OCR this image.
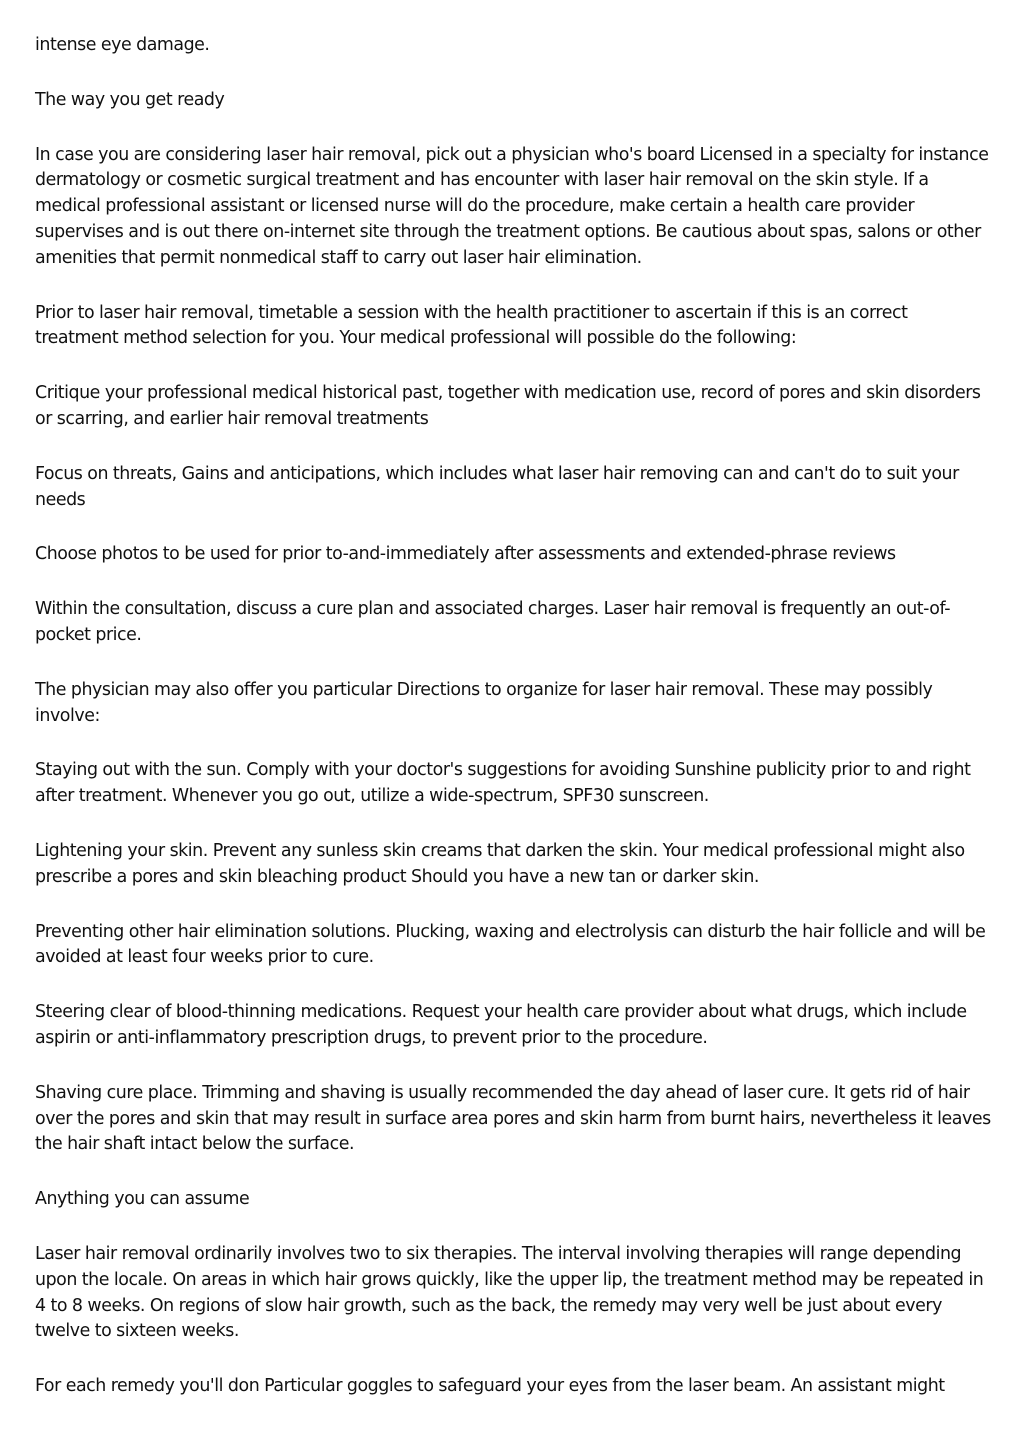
intense eye damage.

The way you get ready

In case you are considering laser hair removal, pick out a physician who's board Licensed in a specialty for instance dermatology or cosmetic surgical treatment and has encounter with laser hair removal on the skin style. If a medical professional assistant or licensed nurse will do the procedure, make certain a health care provider supervises and is out there on-internet site through the treatment options. Be cautious about spas, salons or other amenities that permit nonmedical staff to carry out laser hair elimination.

Prior to laser hair removal, timetable a session with the health practitioner to ascertain if this is an correct treatment method selection for you. Your medical professional will possible do the following:

Critique your professional medical historical past, together with medication use, record of pores and skin disorders or scarring, and earlier hair removal treatments

Focus on threats, Gains and anticipations, which includes what laser hair removing can and can't do to suit your needs

Choose photos to be used for prior to-and-immediately after assessments and extended-phrase reviews

Within the consultation, discuss a cure plan and associated charges. Laser hair removal is frequently an out-of-pocket price.

The physician may also offer you particular Directions to organize for laser hair removal. These may possibly involve:

Staying out with the sun. Comply with your doctor's suggestions for avoiding Sunshine publicity prior to and right after treatment. Whenever you go out, utilize a wide-spectrum, SPF30 sunscreen.

Lightening your skin. Prevent any sunless skin creams that darken the skin. Your medical professional might also prescribe a pores and skin bleaching product Should you have a new tan or darker skin.

Preventing other hair elimination solutions. Plucking, waxing and electrolysis can disturb the hair follicle and will be avoided at least four weeks prior to cure.

Steering clear of blood-thinning medications. Request your health care provider about what drugs, which include aspirin or anti-inflammatory prescription drugs, to prevent prior to the procedure.

Shaving cure place. Trimming and shaving is usually recommended the day ahead of laser cure. It gets rid of hair over the pores and skin that may result in surface area pores and skin harm from burnt hairs, nevertheless it leaves the hair shaft intact below the surface.

Anything you can assume

Laser hair removal ordinarily involves two to six therapies. The interval involving therapies will range depending upon the locale. On areas in which hair grows quickly, like the upper lip, the treatment method may be repeated in 4 to 8 weeks. On regions of slow hair growth, such as the back, the remedy may very well be just about every twelve to sixteen weeks.

For each remedy you'll don Particular goggles to safeguard your eyes from the laser beam. An assistant might
